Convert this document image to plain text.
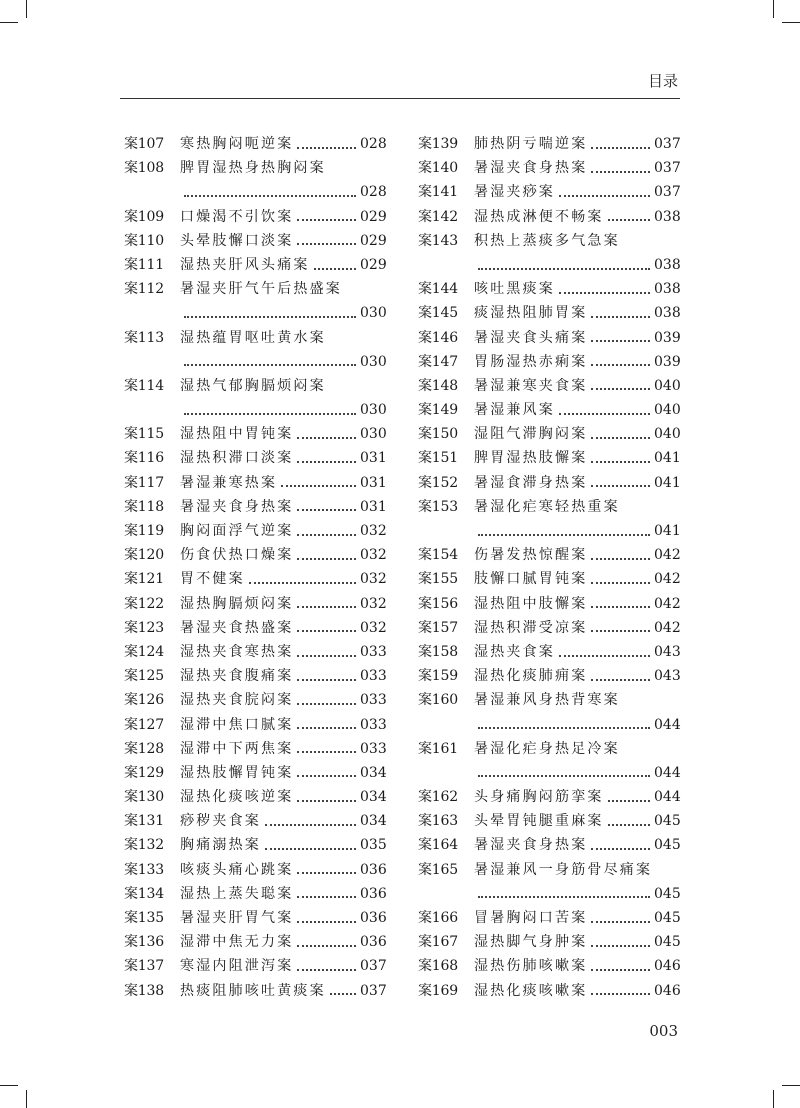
目录
案107	寒热胸闷呃逆案	028
案108	脾胃湿热身热胸闷案
028
案109	口燥渴不引饮案	029
案110	头晕肢懈口淡案	029
案111	湿热夹肝风头痛案	029
案112	暑湿夹肝气午后热盛案
030
案113	湿热蕴胃呕吐黄水案
030
案114	湿热气郁胸膈烦闷案
030
案115	湿热阻中胃钝案	030
案116	湿热积滞口淡案	031
案117	暑湿兼寒热案	031
案118	暑湿夹食身热案	031
案119	胸闷面浮气逆案	032
案120	伤食伏热口燥案	032
案121	胃不健案	032
案122	湿热胸膈烦闷案	032
案123	暑湿夹食热盛案	032
案124	湿热夹食寒热案	033
案125	湿热夹食腹痛案	033
案126	湿热夹食脘闷案	033
案127	湿滞中焦口腻案	033
案128	湿滞中下两焦案	033
案129	湿热肢懈胃钝案	034
案130	湿热化痰咳逆案	034
案131	痧秽夹食案	034
案132	胸痛溺热案	035
案133	咳痰头痛心跳案	036
案134	湿热上蒸失聪案	036
案135	暑湿夹肝胃气案	036
案136	湿滞中焦无力案	036
案137	寒湿内阻泄泻案	037
案138	热痰阻肺咳吐黄痰案 037
案139	肺热阴亏喘逆案	037
案140	暑湿夹食身热案	037
案141	暑湿夹痧案	037
案142	湿热成淋便不畅案	038
案143	积热上蒸痰多气急案
038
案144	咳吐黑痰案	038
案145	痰湿热阻肺胃案	038
案146	暑湿夹食头痛案	039
案147	胃肠湿热赤痢案	039
案148	暑湿兼寒夹食案	040
案149	暑湿兼风案	040
案150	湿阻气滞胸闷案	040
案151	脾胃湿热肢懈案	041
案152	暑湿食滞身热案	041
案153	暑湿化疟寒轻热重案
041
案154	伤暑发热惊醒案	042
案155	肢懈口腻胃钝案	042
案156	湿热阻中肢懈案	042
案157	湿热积滞受凉案	042
案158	湿热夹食案	043
案159	湿热化痰肺痈案	043
案160	暑湿兼风身热背寒案
044
案161	暑湿化疟身热足冷案
044
案162	头身痛胸闷筋挛案	044
案163	头晕胃钝腿重麻案	045
案164	暑湿夹食身热案	045
案165	暑湿兼风一身筋骨尽痛案
045
案166	冒暑胸闷口苦案	045
案167	湿热脚气身肿案	045
案168	湿热伤肺咳嗽案	046
案169	湿热化痰咳嗽案	046
003
